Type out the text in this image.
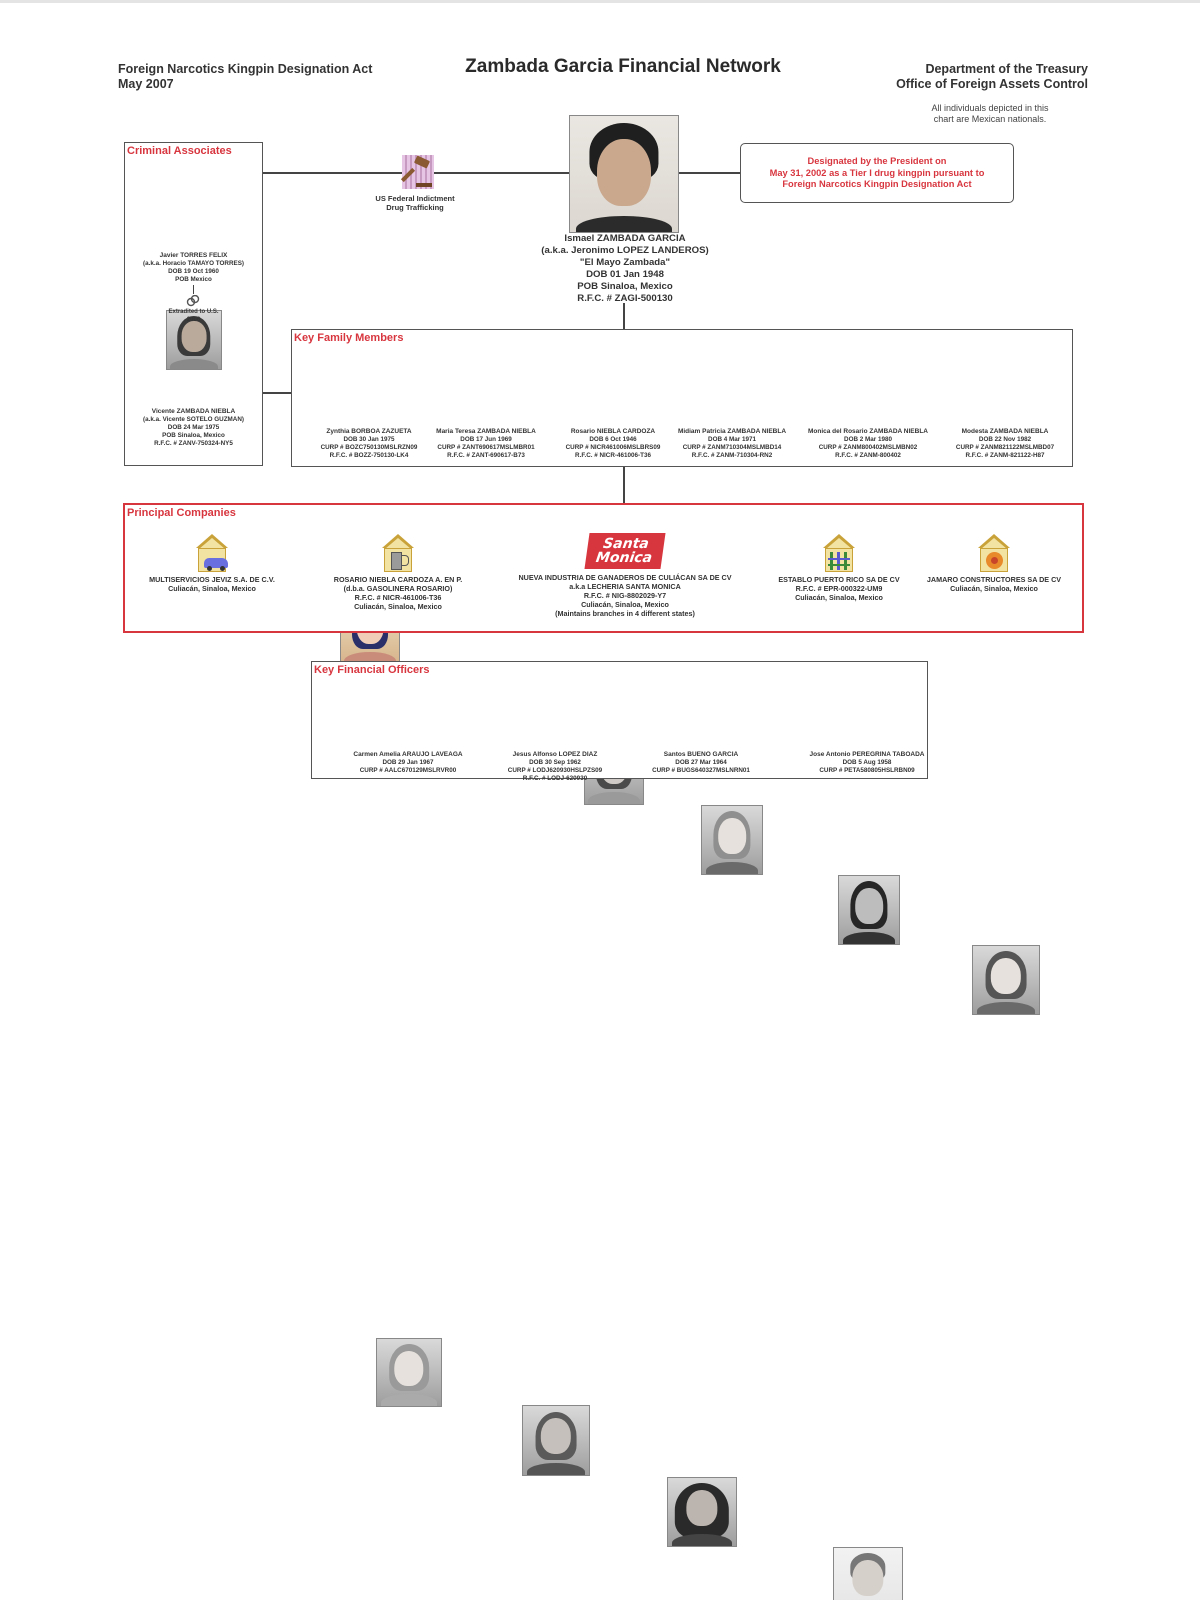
Foreign Narcotics Kingpin Designation Act
May 2007
Zambada Garcia Financial Network	Department of the Treasury
Office of Foreign Assets Control
All individuals depicted in this
chart are Mexican nationals.
US Federal Indictment
Drug Trafficking
Ismael ZAMBADA GARCIA
(a.k.a. Jeronimo LOPEZ LANDEROS)
"El Mayo Zambada"
DOB 01 Jan 1948
POB Sinaloa, Mexico
R.F.C. # ZAGI-500130
Designated by the President on
May 31, 2002 as a Tier I drug kingpin pursuant to
Foreign Narcotics Kingpin Designation Act
Criminal Associates
Javier TORRES FELIX
(a.k.a. Horacio TAMAYO TORRES)
DOB 19 Oct 1960
POB Mexico
Extradited to U.S.
2006
Vicente ZAMBADA NIEBLA
(a.k.a. Vicente SOTELO GUZMAN)
DOB 24 Mar 1975
POB Sinaloa, Mexico
R.F.C. # ZANV-750324-NY5
Key Family Members
Zynthia BORBOA ZAZUETA
DOB 30 Jan 1975
CURP # BOZC750130MSLRZN09
R.F.C. # BOZZ-750130-LK4
Maria Teresa ZAMBADA NIEBLA
DOB 17 Jun 1969
CURP # ZANT690617MSLMBR01
R.F.C. # ZANT-690617-B73
Rosario NIEBLA CARDOZA
DOB 6 Oct 1946
CURP # NICR461006MSLBRS09
R.F.C. # NICR-461006-T36
Midiam Patricia ZAMBADA NIEBLA
DOB 4 Mar 1971
CURP # ZANM710304MSLMBD14
R.F.C. # ZANM-710304-RN2
Monica del Rosario ZAMBADA NIEBLA
DOB 2 Mar 1980
CURP # ZANM800402MSLMBN02
R.F.C. # ZANM-800402
Modesta ZAMBADA NIEBLA
DOB 22 Nov 1982
CURP # ZANM821122MSLMBD07
R.F.C. # ZANM-821122-H87
Principal Companies
MULTISERVICIOS JEVIZ S.A. DE C.V.
Culiacán, Sinaloa, Mexico
ROSARIO NIEBLA CARDOZA A. EN P.
(d.b.a. GASOLINERA ROSARIO)
R.F.C. # NICR-461006-T36
Culiacán, Sinaloa, Mexico
Santa
Monica
NUEVA INDUSTRIA DE GANADEROS DE CULIÁCAN SA DE CV
a.k.a LECHERIA SANTA MONICA
R.F.C. # NIG-8802029-Y7
Culiacán, Sinaloa, Mexico
(Maintains branches in 4 different states)
ESTABLO PUERTO RICO SA DE CV
R.F.C. # EPR-000322-UM9
Culiacán, Sinaloa, Mexico
JAMARO CONSTRUCTORES SA DE CV
Culiacán, Sinaloa, Mexico
Key Financial Officers
Carmen Amelia ARAUJO LAVEAGA
DOB 29 Jan 1967
CURP # AALC670129MSLRVR00
Jesus Alfonso LOPEZ DIAZ
DOB 30 Sep 1962
CURP # LODJ620930HSLPZS09
R.F.C. # LODJ-620930
Santos BUENO GARCIA
DOB 27 Mar 1964
CURP # BUGS640327MSLNRN01
Jose Antonio PEREGRINA TABOADA
DOB 5 Aug 1958
CURP # PETA580805HSLRBN09
